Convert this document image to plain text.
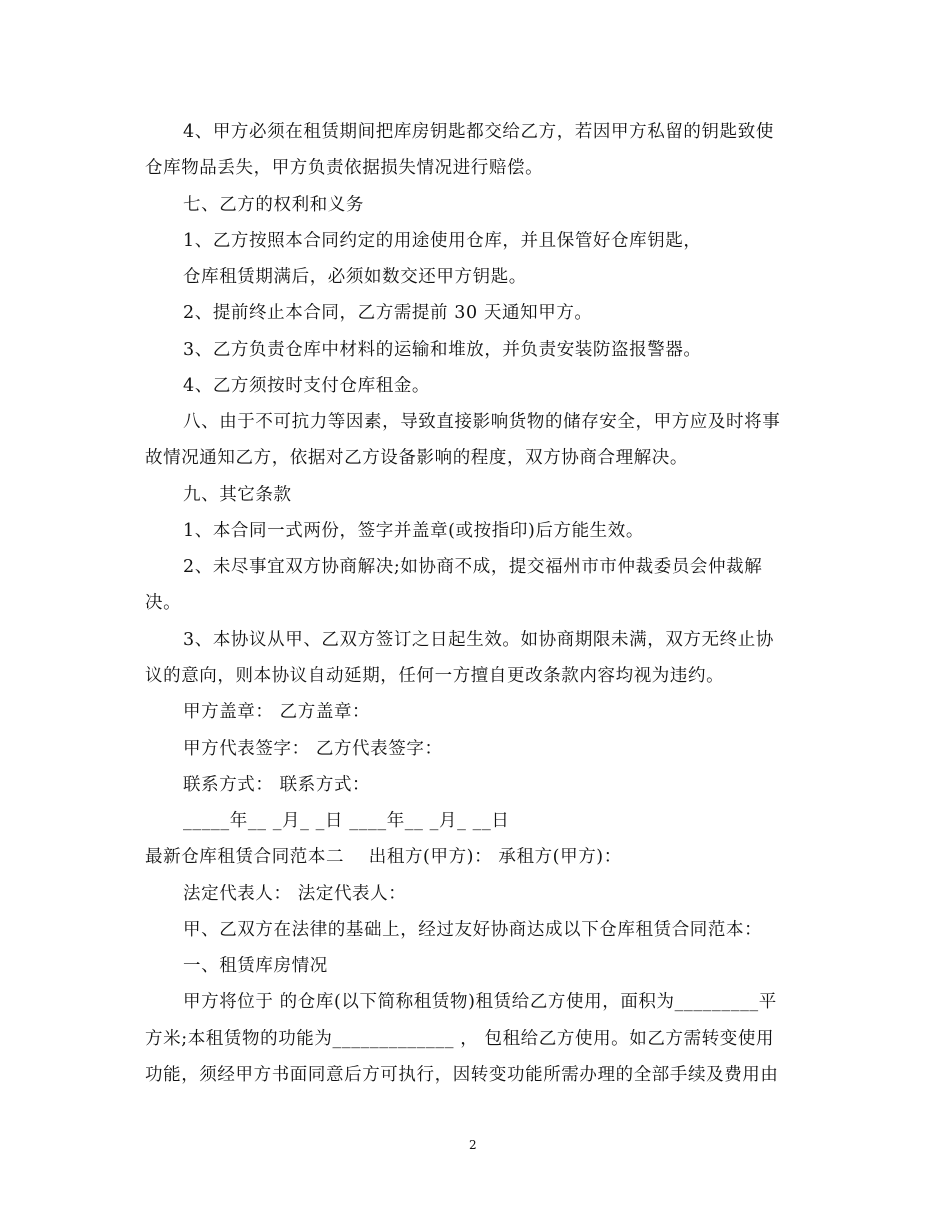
4、甲方必须在租赁期间把库房钥匙都交给乙方，若因甲方私留的钥匙致使
仓库物品丢失，甲方负责依据损失情况进行赔偿。
七、乙方的权利和义务
1、乙方按照本合同约定的用途使用仓库，并且保管好仓库钥匙，
仓库租赁期满后，必须如数交还甲方钥匙。
2、提前终止本合同，乙方需提前 30 天通知甲方。
3、乙方负责仓库中材料的运输和堆放，并负责安装防盗报警器。
4、乙方须按时支付仓库租金。
八、由于不可抗力等因素，导致直接影响货物的储存安全，甲方应及时将事
故情况通知乙方，依据对乙方设备影响的程度，双方协商合理解决。
九、其它条款
1、本合同一式两份，签字并盖章(或按指印)后方能生效。
2、未尽事宜双方协商解决;如协商不成，提交福州市市仲裁委员会仲裁解
决。
3、本协议从甲、乙双方签订之日起生效。如协商期限未满，双方无终止协
议的意向，则本协议自动延期，任何一方擅自更改条款内容均视为违约。
甲方盖章： 乙方盖章：
甲方代表签字： 乙方代表签字：
联系方式： 联系方式：
_____年__ _月_ _日 ____年__ _月_ __日
最新仓库租赁合同范本二    出租方(甲方)： 承租方(甲方)：
法定代表人： 法定代表人：
甲、乙双方在法律的基础上，经过友好协商达成以下仓库租赁合同范本：
一、租赁库房情况
甲方将位于 的仓库(以下简称租赁物)租赁给乙方使用，面积为_________平
方米;本租赁物的功能为_____________ ， 包租给乙方使用。如乙方需转变使用
功能，须经甲方书面同意后方可执行，因转变功能所需办理的全部手续及费用由
2
